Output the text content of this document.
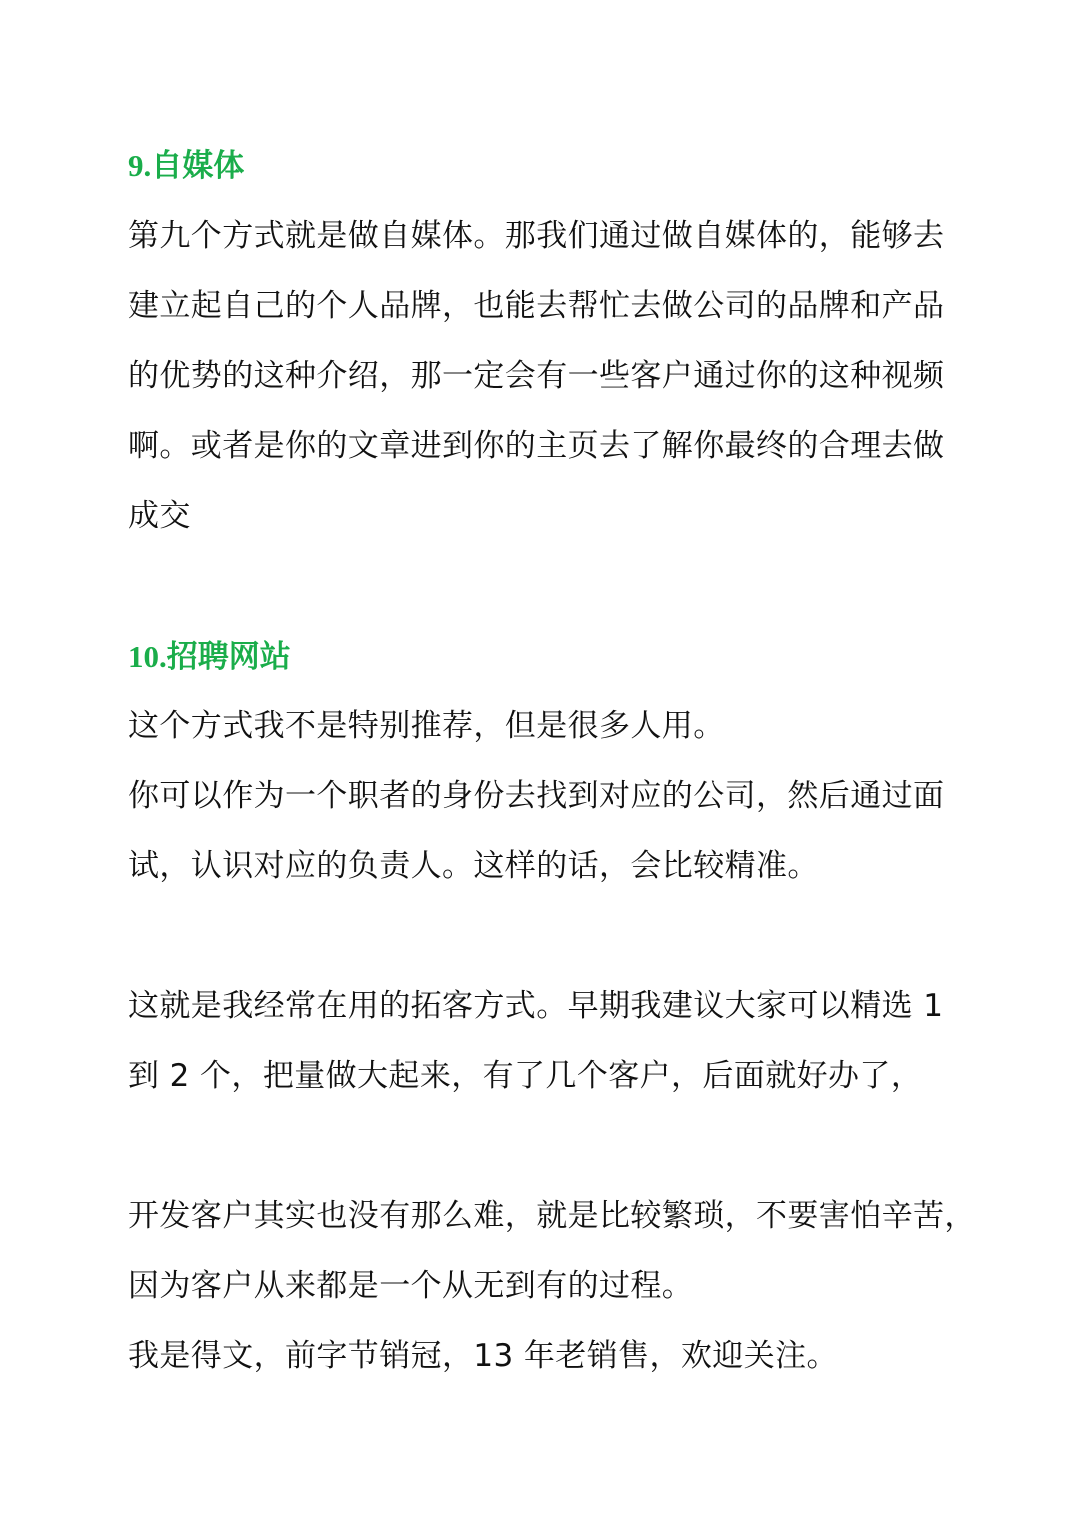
9.自媒体
第九个方式就是做自媒体。那我们通过做自媒体的，能够去
建立起自己的个人品牌，也能去帮忙去做公司的品牌和产品
的优势的这种介绍，那一定会有一些客户通过你的这种视频
啊。或者是你的文章进到你的主页去了解你最终的合理去做
成交
10.招聘网站
这个方式我不是特别推荐，但是很多人用。
你可以作为一个职者的身份去找到对应的公司，然后通过面
试，认识对应的负责人。这样的话，会比较精准。
这就是我经常在用的拓客方式。早期我建议大家可以精选 1
到 2 个，把量做大起来，有了几个客户，后面就好办了，
开发客户其实也没有那么难，就是比较繁琐，不要害怕辛苦，
因为客户从来都是一个从无到有的过程。
我是得文，前字节销冠，13 年老销售，欢迎关注。
